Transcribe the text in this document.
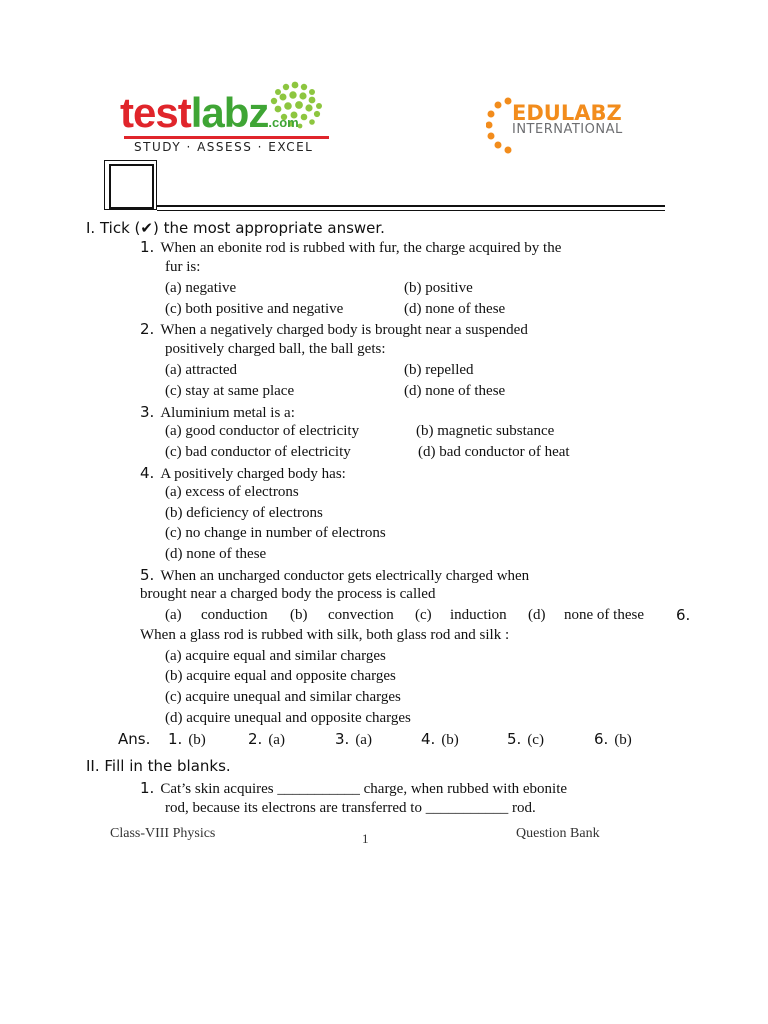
testlabz.com
STUDY · ASSESS · EXCEL
EDULABZ
INTERNATIONAL
I. Tick (✔) the most appropriate answer.
1. When an ebonite rod is rubbed with fur, the charge acquired by the
fur is:
(a) negative	(b) positive
(c) both positive and negative	(d) none of these
2. When a negatively charged body is brought near a suspended
positively charged ball, the ball gets:
(a) attracted	(b) repelled
(c) stay at same place	(d) none of these
3. Aluminium metal is a:
(a) good conductor of electricity	(b) magnetic substance
(c) bad conductor of electricity	(d) bad conductor of heat
4. A positively charged body has:
(a) excess of electrons
(b) deficiency of electrons
(c) no change in number of electrons
(d) none of these
5. When an uncharged conductor gets electrically charged when
brought near a charged body the process is called
(a) conduction (b) convection (c) induction (d) none of these 6.
When a glass rod is rubbed with silk, both glass rod and silk :
(a) acquire equal and similar charges
(b) acquire equal and opposite charges
(c) acquire unequal and similar charges
(d) acquire unequal and opposite charges
Ans. 1. (b)	2. (a)	3. (a)	4. (b)	5. (c)	6. (b)
II. Fill in the blanks.
1. Cat’s skin acquires ___________ charge, when rubbed with ebonite
rod, because its electrons are transferred to ___________ rod.
Class-VIII Physics	1	Question Bank
